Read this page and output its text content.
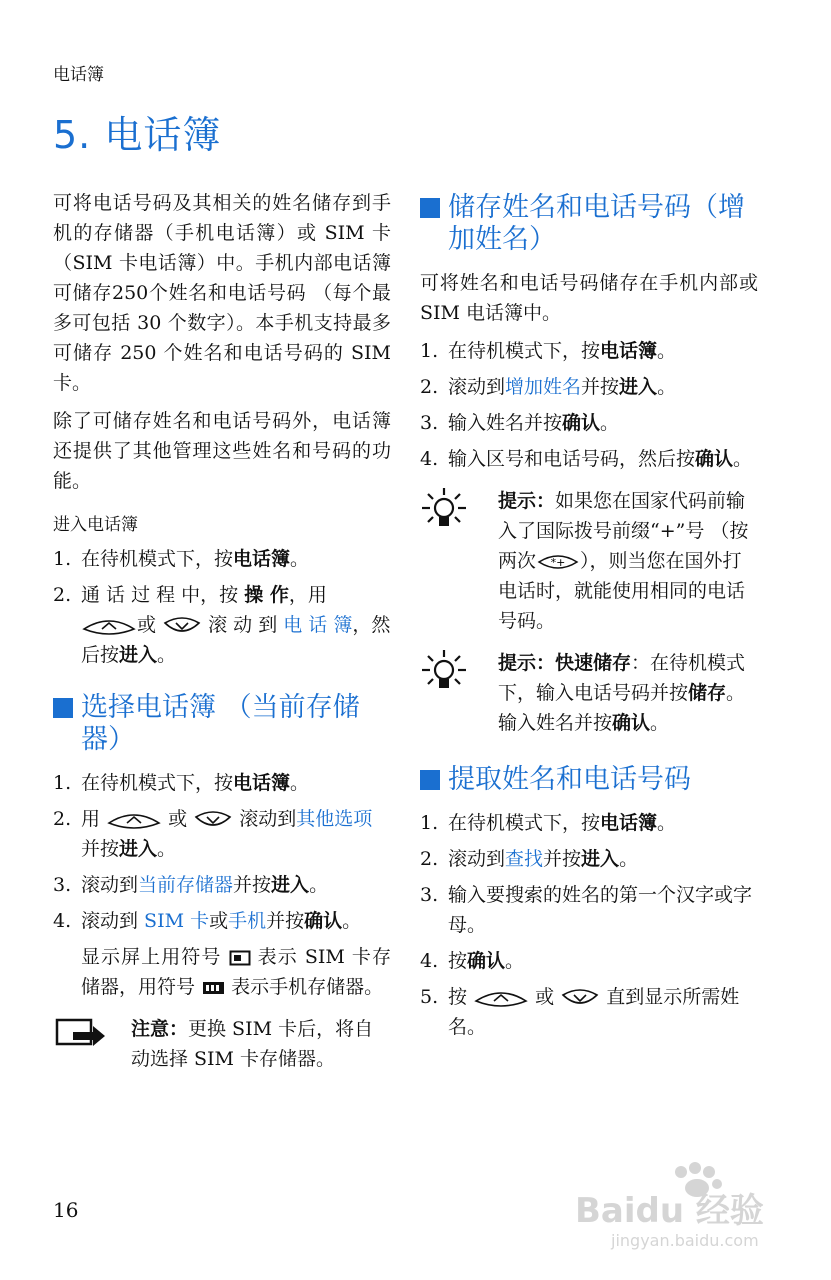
电话簿
5. 电话簿

可将电话号码及其相关的姓名储存到手机的存储器（手机电话簿）或 SIM 卡 （SIM 卡电话簿）中。手机内部电话簿可储存250个姓名和电话号码 （每个最多可包括 30 个数字）。本手机支持最多可储存 250 个姓名和电话号码的 SIM 卡。

除了可储存姓名和电话号码外，电话簿还提供了其他管理这些姓名和号码的功能。

进入电话簿
1. 在待机模式下，按电话簿。
2. 通 话 过 程 中，按 操 作，用
或	滚 动 到 电 话 簿，然后按进入。
选择电话簿 （当前存储器）
1. 在待机模式下，按电话簿。
2. 用	或	滚动到其他选项并按进入。
3. 滚动到当前存储器并按进入。
4. 滚动到 SIM 卡或手机并按确认。

显示屏上用符号 表示 SIM 卡存储器，用符号 表示手机存储器。

注意：更换 SIM 卡后，将自动选择 SIM 卡存储器。
储存姓名和电话号码（增加姓名）

可将姓名和电话号码储存在手机内部或 SIM 电话簿中。

1. 在待机模式下，按电话簿。
2. 滚动到增加姓名并按进入。
3. 输入姓名并按确认。
4. 输入区号和电话号码，然后按确认。
提示：如果您在国家代码前输入了国际拨号前缀“+”号 （按两次 *+ ），则当您在国外打电话时，就能使用相同的电话号码。
提示：快速储存：在待机模式下，输入电话号码并按储存。输入姓名并按确认。
提取姓名和电话号码
1. 在待机模式下，按电话簿。
2. 滚动到查找并按进入。
3. 输入要搜索的姓名的第一个汉字或字母。
4. 按确认。
5. 按	或  直到显示所需姓名。
16	Baidu 经验
jingyan.baidu.com
